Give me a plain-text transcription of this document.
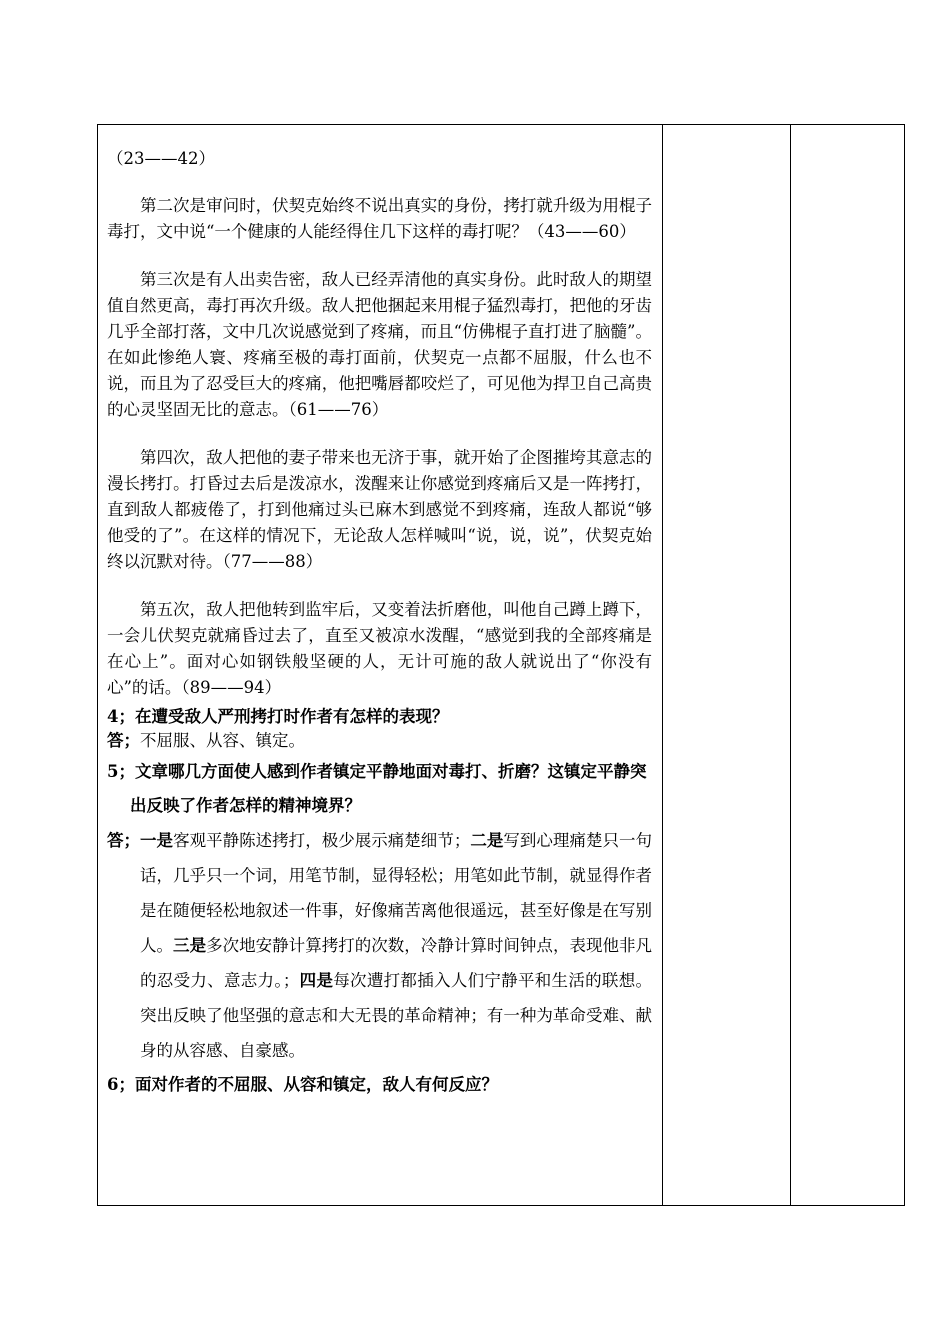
（23——42）

第二次是审问时，伏契克始终不说出真实的身份，拷打就升级为用棍子毒打，文中说“一个健康的人能经得住几下这样的毒打呢？（43——60）

第三次是有人出卖告密，敌人已经弄清他的真实身份。此时敌人的期望值自然更高，毒打再次升级。敌人把他捆起来用棍子猛烈毒打，把他的牙齿几乎全部打落，文中几次说感觉到了疼痛，而且“仿佛棍子直打进了脑髓”。在如此惨绝人寰、疼痛至极的毒打面前，伏契克一点都不屈服，什么也不说，而且为了忍受巨大的疼痛，他把嘴唇都咬烂了，可见他为捍卫自己高贵的心灵坚固无比的意志。（61——76）

第四次，敌人把他的妻子带来也无济于事，就开始了企图摧垮其意志的漫长拷打。打昏过去后是泼凉水，泼醒来让你感觉到疼痛后又是一阵拷打，直到敌人都疲倦了，打到他痛过头已麻木到感觉不到疼痛，连敌人都说“够他受的了”。在这样的情况下，无论敌人怎样喊叫“说，说，说”，伏契克始终以沉默对待。（77——88）

第五次，敌人把他转到监牢后，又变着法折磨他，叫他自己蹲上蹲下，一会儿伏契克就痛昏过去了，直至又被凉水泼醒，“感觉到我的全部疼痛是在心上”。面对心如钢铁般坚硬的人，无计可施的敌人就说出了“你没有心”的话。（89——94）

4；在遭受敌人严刑拷打时作者有怎样的表现？

答；不屈服、从容、镇定。

5；文章哪几方面使人感到作者镇定平静地面对毒打、折磨？这镇定平静突出反映了作者怎样的精神境界？

答；一是客观平静陈述拷打，极少展示痛楚细节；二是写到心理痛楚只一句话，几乎只一个词，用笔节制，显得轻松；用笔如此节制，就显得作者是在随便轻松地叙述一件事，好像痛苦离他很遥远，甚至好像是在写别人。三是多次地安静计算拷打的次数，冷静计算时间钟点，表现他非凡的忍受力、意志力。；四是每次遭打都插入人们宁静平和生活的联想。突出反映了他坚强的意志和大无畏的革命精神；有一种为革命受难、献身的从容感、自豪感。

6；面对作者的不屈服、从容和镇定，敌人有何反应？
